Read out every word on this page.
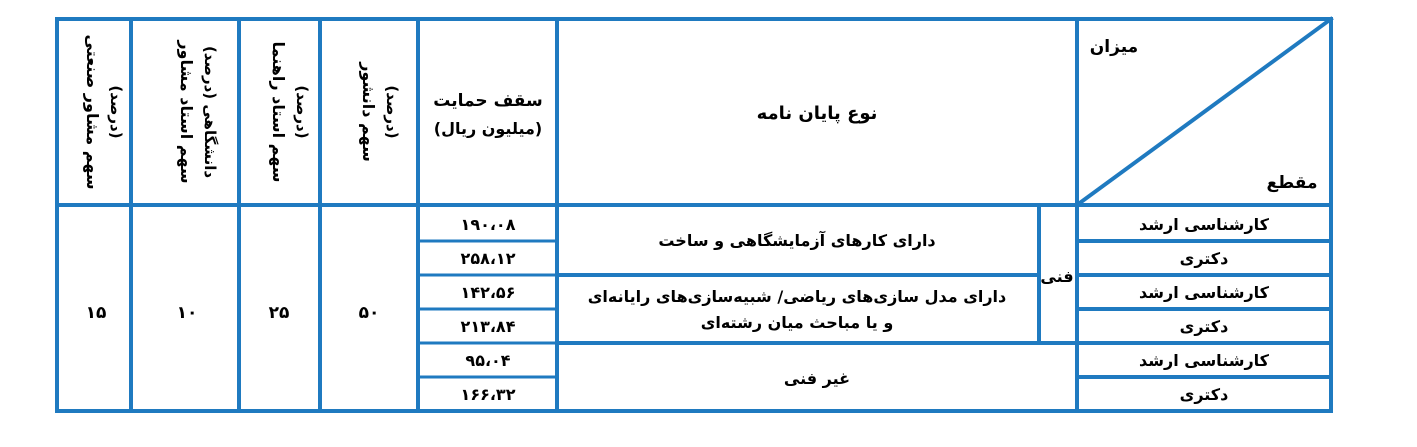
میزان
مقطع
نوع پایان نامه
سقف حمایت
(میلیون ریال)
سهم دانشور (درصد)
سهم استاد راهنما (درصد)
سهم استاد مشاور دانشگاهی (درصد)
سهم مشاور صنعتی (درصد)
کارشناسی ارشد
دکتری
کارشناسی ارشد
دکتری
کارشناسی ارشد
دکتری
فنی
دارای کارهای آزمایشگاهی و ساخت
دارای مدل سازی‌های ریاضی/ شبیه‌سازی‌های رایانه‌ای
و یا مباحث میان رشته‌ای
غیر فنی
۱۹۰،۰۸
۲۵۸،۱۲
۱۴۲،۵۶
۲۱۳،۸۴
۹۵،۰۴
۱۶۶،۳۲
۵۰
۲۵
۱۰
۱۵
